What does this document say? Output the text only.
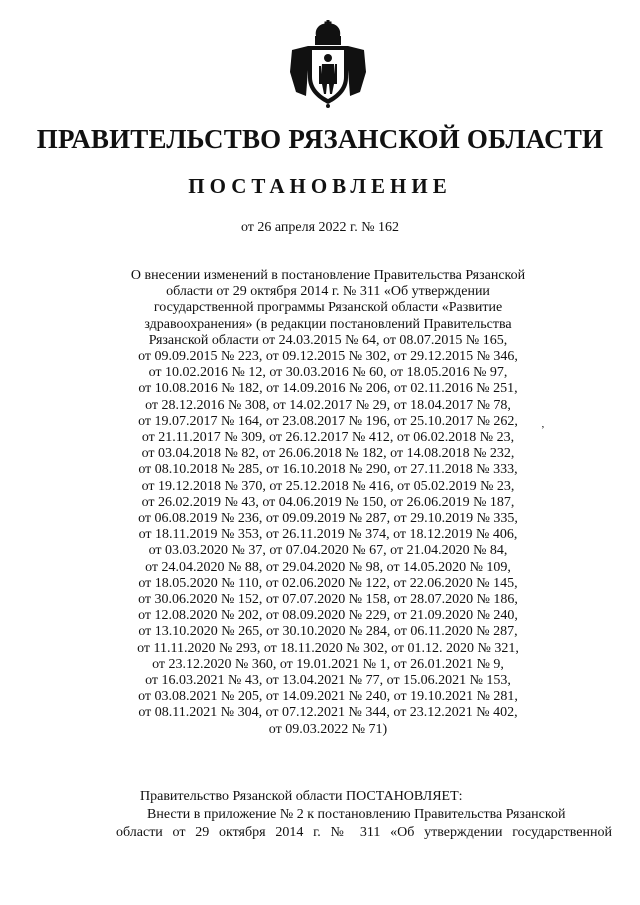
ПРАВИТЕЛЬСТВО РЯЗАНСКОЙ ОБЛАСТИ
ПОСТАНОВЛЕНИЕ
от 26 апреля 2022 г. № 162
О внесении изменений в постановление Правительства Рязанской
области от 29 октября 2014 г. № 311 «Об утверждении
государственной программы Рязанской области «Развитие
здравоохранения» (в редакции постановлений Правительства
Рязанской области от 24.03.2015 № 64, от 08.07.2015 № 165,
от 09.09.2015 № 223, от 09.12.2015 № 302, от 29.12.2015 № 346,
от 10.02.2016 № 12, от 30.03.2016 № 60, от 18.05.2016 № 97,
от 10.08.2016 № 182, от 14.09.2016 № 206, от 02.11.2016 № 251,
от 28.12.2016 № 308, от 14.02.2017 № 29, от 18.04.2017 № 78,
от 19.07.2017 № 164, от 23.08.2017 № 196, от 25.10.2017 № 262,
от 21.11.2017 № 309, от 26.12.2017 № 412, от 06.02.2018 № 23,
от 03.04.2018 № 82, от 26.06.2018 № 182, от 14.08.2018 № 232,
от 08.10.2018 № 285, от 16.10.2018 № 290, от 27.11.2018 № 333,
от 19.12.2018 № 370, от 25.12.2018 № 416, от 05.02.2019 № 23,
от 26.02.2019 № 43, от 04.06.2019 № 150, от 26.06.2019 № 187,
от 06.08.2019 № 236, от 09.09.2019 № 287, от 29.10.2019 № 335,
от 18.11.2019 № 353, от 26.11.2019 № 374, от 18.12.2019 № 406,
от 03.03.2020 № 37, от 07.04.2020 № 67, от 21.04.2020 № 84,
от 24.04.2020 № 88, от 29.04.2020 № 98, от 14.05.2020 № 109,
от 18.05.2020 № 110, от 02.06.2020 № 122, от 22.06.2020 № 145,
от 30.06.2020 № 152, от 07.07.2020 № 158, от 28.07.2020 № 186,
от 12.08.2020 № 202, от 08.09.2020 № 229, от 21.09.2020 № 240,
от 13.10.2020 № 265, от 30.10.2020 № 284, от 06.11.2020 № 287,
от 11.11.2020 № 293, от 18.11.2020 № 302, от 01.12. 2020 № 321,
от 23.12.2020 № 360, от 19.01.2021 № 1, от 26.01.2021 № 9,
от 16.03.2021 № 43, от 13.04.2021 № 77, от 15.06.2021 № 153,
от 03.08.2021 № 205, от 14.09.2021 № 240, от 19.10.2021 № 281,
от 08.11.2021 № 304, от 07.12.2021 № 344, от 23.12.2021 № 402,
от 09.03.2022 № 71)
’
Правительство Рязанской области ПОСТАНОВЛЯЕТ:
Внести в приложение № 2 к постановлению Правительства Рязанской
области от 29 октября 2014 г. № 311 «Об утверждении государственной
